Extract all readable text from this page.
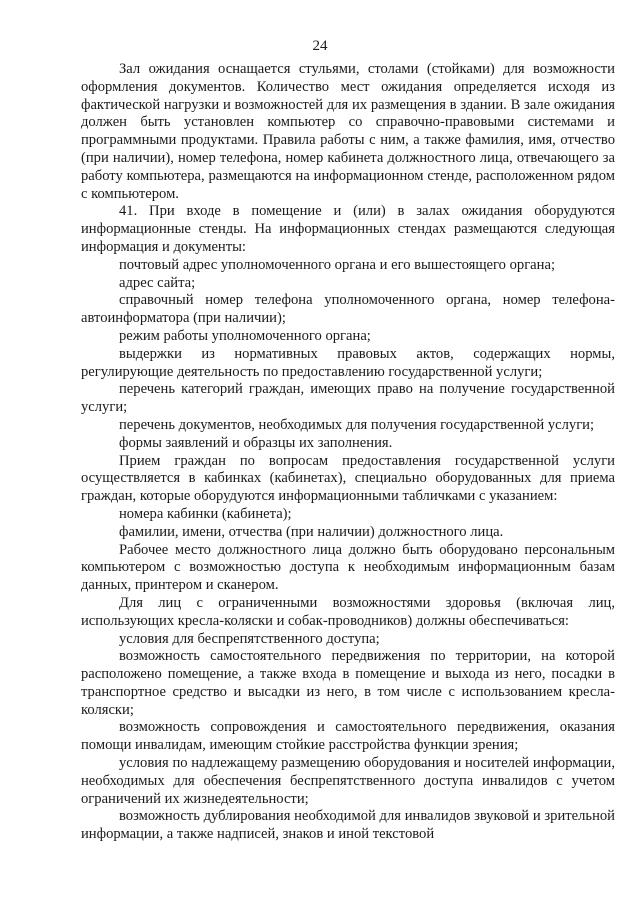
24

Зал ожидания оснащается стульями, столами (стойками) для возможности оформления документов. Количество мест ожидания определяется исходя из фактической нагрузки и возможностей для их размещения в здании. В зале ожидания должен быть установлен компьютер со справочно-правовыми системами и программными продуктами. Правила работы с ним, а также фамилия, имя, отчество (при наличии), номер телефона, номер кабинета должностного лица, отвечающего за работу компьютера, размещаются на информационном стенде, расположенном рядом с компьютером.

41. При входе в помещение и (или) в залах ожидания оборудуются информационные стенды. На информационных стендах размещаются следующая информация и документы:

почтовый адрес уполномоченного органа и его вышестоящего органа;

адрес сайта;

справочный номер телефона уполномоченного органа, номер телефона-автоинформатора (при наличии);

режим работы уполномоченного органа;

выдержки из нормативных правовых актов, содержащих нормы, регулирующие деятельность по предоставлению государственной услуги;

перечень категорий граждан, имеющих право на получение государственной услуги;

перечень документов, необходимых для получения государственной услуги;

формы заявлений и образцы их заполнения.

Прием граждан по вопросам предоставления государственной услуги осуществляется в кабинках (кабинетах), специально оборудованных для приема граждан, которые оборудуются информационными табличками с указанием:

номера кабинки (кабинета);

фамилии, имени, отчества (при наличии) должностного лица.

Рабочее место должностного лица должно быть оборудовано персональным компьютером с возможностью доступа к необходимым информационным базам данных, принтером и сканером.

Для лиц с ограниченными возможностями здоровья (включая лиц, использующих кресла-коляски и собак-проводников) должны обеспечиваться:

условия для беспрепятственного доступа;

возможность самостоятельного передвижения по территории, на которой расположено помещение, а также входа в помещение и выхода из него, посадки в транспортное средство и высадки из него, в том числе с использованием кресла-коляски;

возможность сопровождения и самостоятельного передвижения, оказания помощи инвалидам, имеющим стойкие расстройства функции зрения;

условия по надлежащему размещению оборудования и носителей информации, необходимых для обеспечения беспрепятственного доступа инвалидов с учетом ограничений их жизнедеятельности;

возможность дублирования необходимой для инвалидов звуковой и зрительной информации, а также надписей, знаков и иной текстовой
